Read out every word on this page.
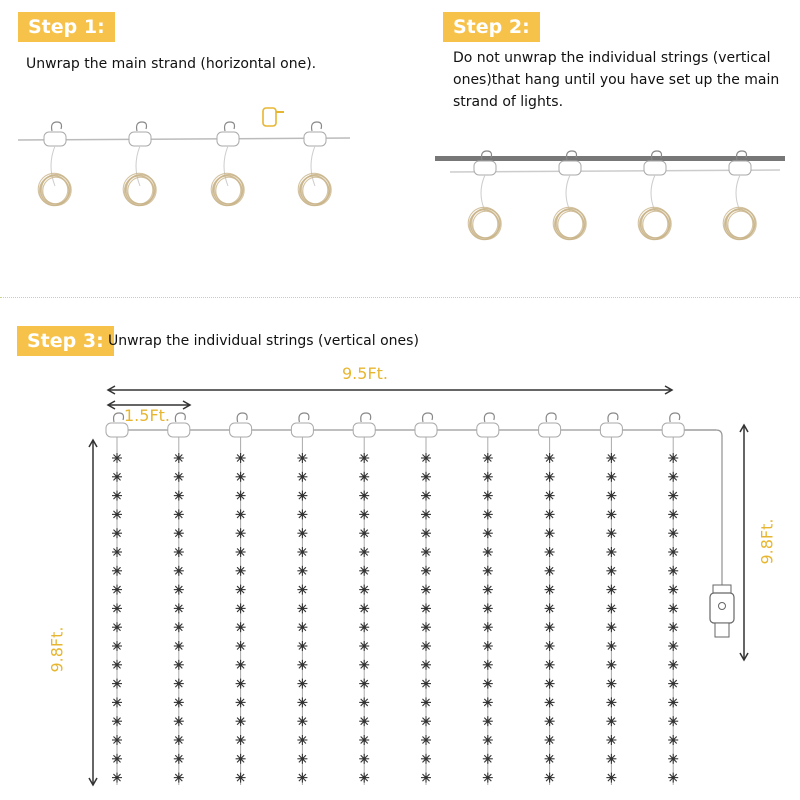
Step 1:
Unwrap the main strand (horizontal one).
Step 2:
Do not unwrap the individual strings (vertical
ones)that hang until you have set up the main
strand of lights.
Step 3: Unwrap the individual strings (vertical ones)
9.5Ft.
1.5Ft.
9.8Ft.
9.8Ft.
